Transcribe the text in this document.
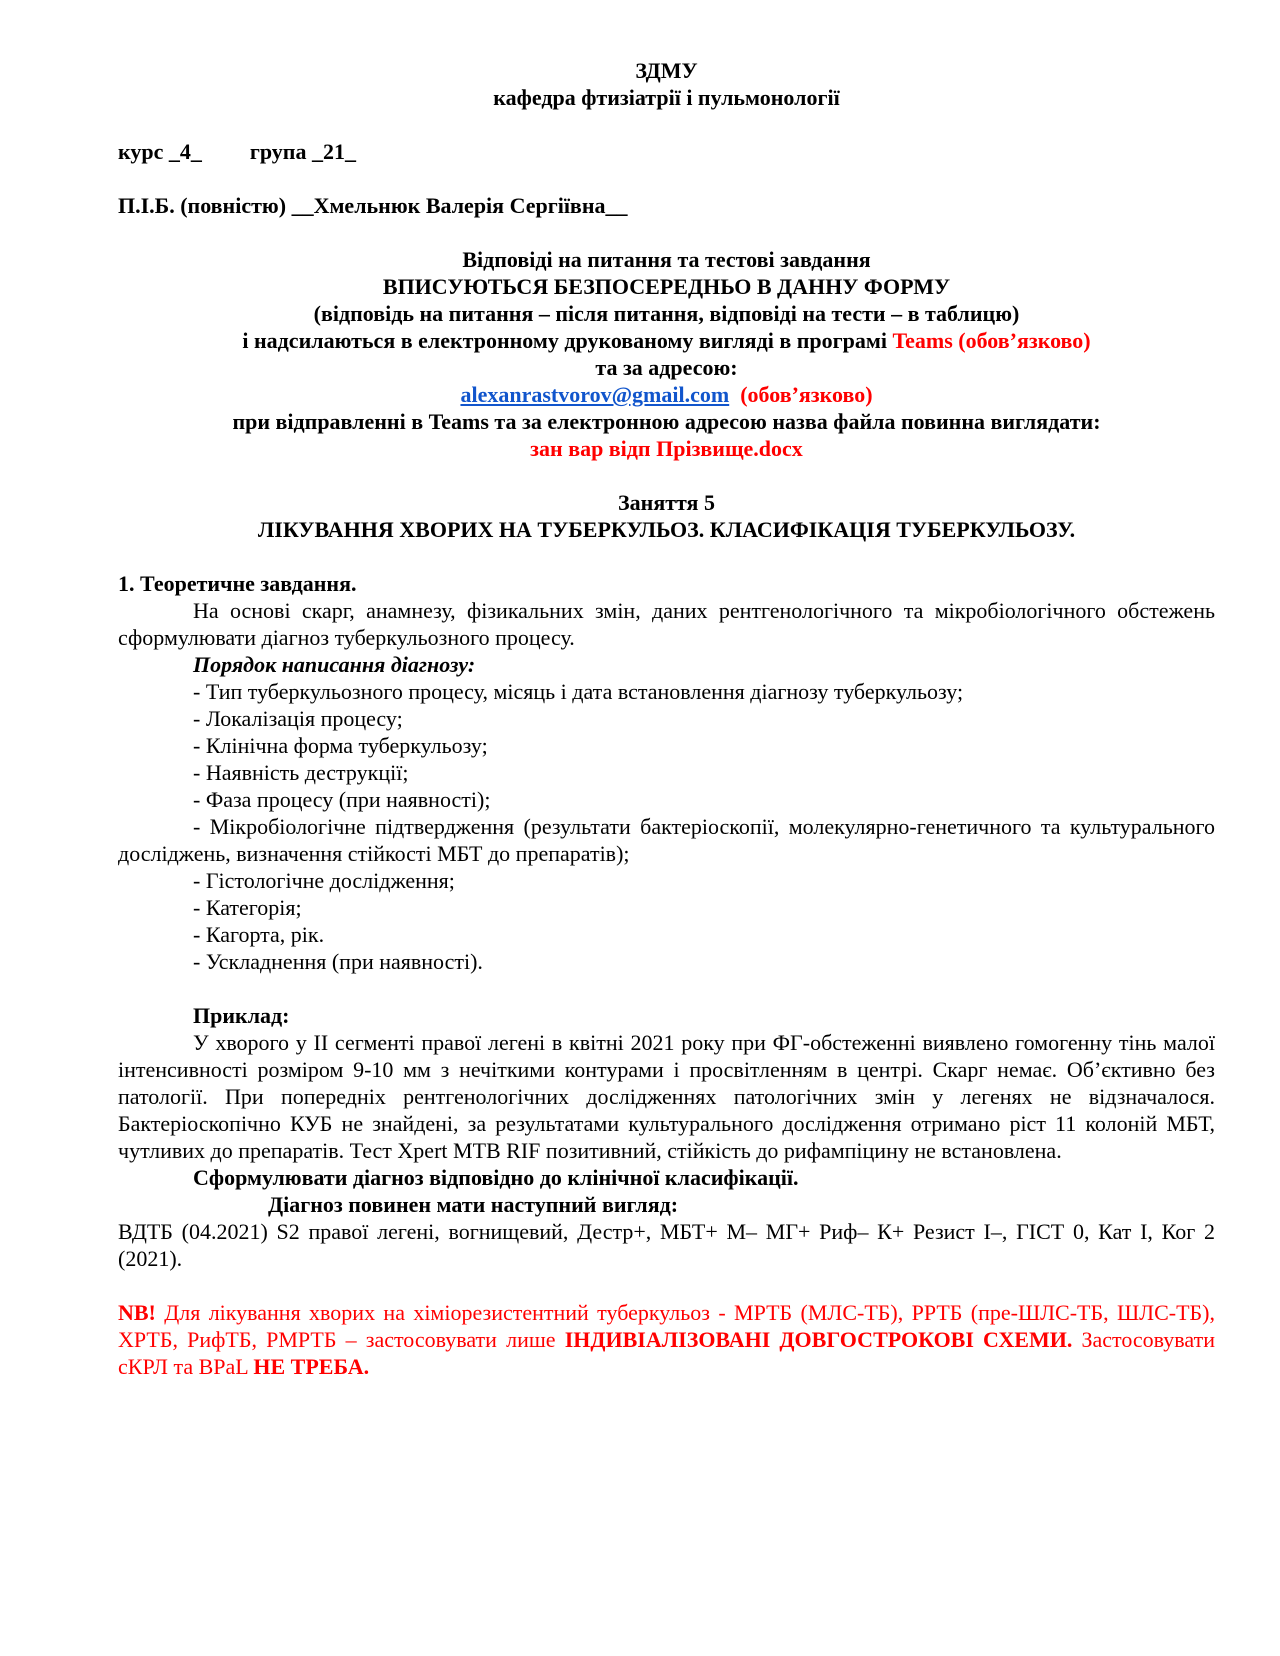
ЗДМУ

кафедра фтизіатрії і пульмонології

курс _4_ група _21_

П.І.Б. (повністю) __Хмельнюк Валерія Сергіївна__

Відповіді на питання та тестові завдання

ВПИСУЮТЬСЯ БЕЗПОСЕРЕДНЬО В ДАННУ ФОРМУ

(відповідь на питання – після питання, відповіді на тести – в таблицю)

і надсилаються в електронному друкованому вигляді в програмі Teams (обов’язково)

та за адресою:

alexanrastvorov@gmail.com (обов’язково)

при відправленні в Teams та за електронною адресою назва файла повинна виглядати:

зан вар відп Прізвище.docx

Заняття 5

ЛІКУВАННЯ ХВОРИХ НА ТУБЕРКУЛЬОЗ. КЛАСИФІКАЦІЯ ТУБЕРКУЛЬОЗУ.

1. Теоретичне завдання.

На основі скарг, анамнезу, фізикальних змін, даних рентгенологічного та мікробіологічного обстежень сформулювати діагноз туберкульозного процесу.

Порядок написання діагнозу:

- Тип туберкульозного процесу, місяць і дата встановлення діагнозу туберкульозу;

- Локалізація процесу;

- Клінічна форма туберкульозу;

- Наявність деструкції;

- Фаза процесу (при наявності);

- Мікробіологічне підтвердження (результати бактеріоскопії, молекулярно-генетичного та культурального досліджень, визначення стійкості МБТ до препаратів);

- Гістологічне дослідження;

- Категорія;

- Кагорта, рік.

- Ускладнення (при наявності).

Приклад:

У хворого у ІІ сегменті правої легені в квітні 2021 року при ФГ-обстеженні виявлено гомогенну тінь малої інтенсивності розміром 9-10 мм з нечіткими контурами і просвітленням в центрі. Скарг немає. Об’єктивно без патології. При попередніх рентгенологічних дослідженнях патологічних змін у легенях не відзначалося. Бактеріоскопічно КУБ не знайдені, за результатами культурального дослідження отримано ріст 11 колоній МБТ, чутливих до препаратів. Тест Xpert MTB RIF позитивний, стійкість до рифампіцину не встановлена.

Сформулювати діагноз відповідно до клінічної класифікації.

Діагноз повинен мати наступний вигляд:

ВДТБ (04.2021) S2 правої легені, вогнищевий, Дестр+, МБТ+ М– МГ+ Риф– К+ Резист І–, ГІСТ 0, Кат І, Ког 2 (2021).

NB! Для лікування хворих на хіміорезистентний туберкульоз - МРТБ (МЛС-ТБ), РРТБ (пре-ШЛС-ТБ, ШЛС-ТБ), ХРТБ, РифТБ, РМРТБ – застосовувати лише ІНДИВІАЛІЗОВАНІ ДОВГОСТРОКОВІ СХЕМИ. Застосовувати сКРЛ та BPaL НЕ ТРЕБА.
